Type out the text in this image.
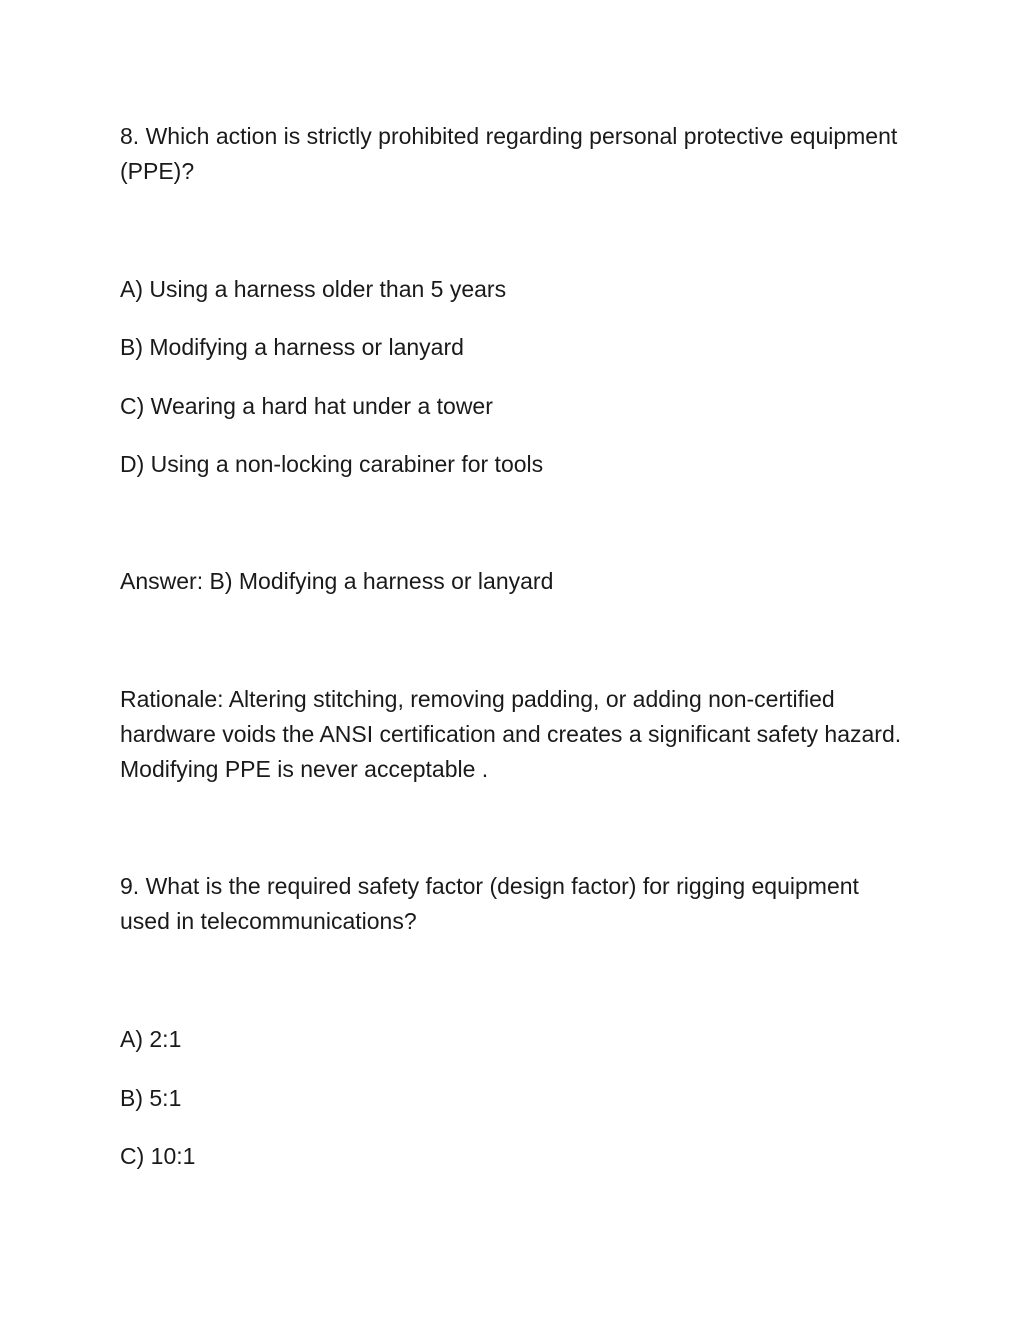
8. Which action is strictly prohibited regarding personal protective equipment (PPE)?

A) Using a harness older than 5 years

B) Modifying a harness or lanyard

C) Wearing a hard hat under a tower

D) Using a non-locking carabiner for tools

Answer: B) Modifying a harness or lanyard

Rationale: Altering stitching, removing padding, or adding non-certified hardware voids the ANSI certification and creates a significant safety hazard. Modifying PPE is never acceptable .

9. What is the required safety factor (design factor) for rigging equipment used in telecommunications?

A) 2:1

B) 5:1

C) 10:1
